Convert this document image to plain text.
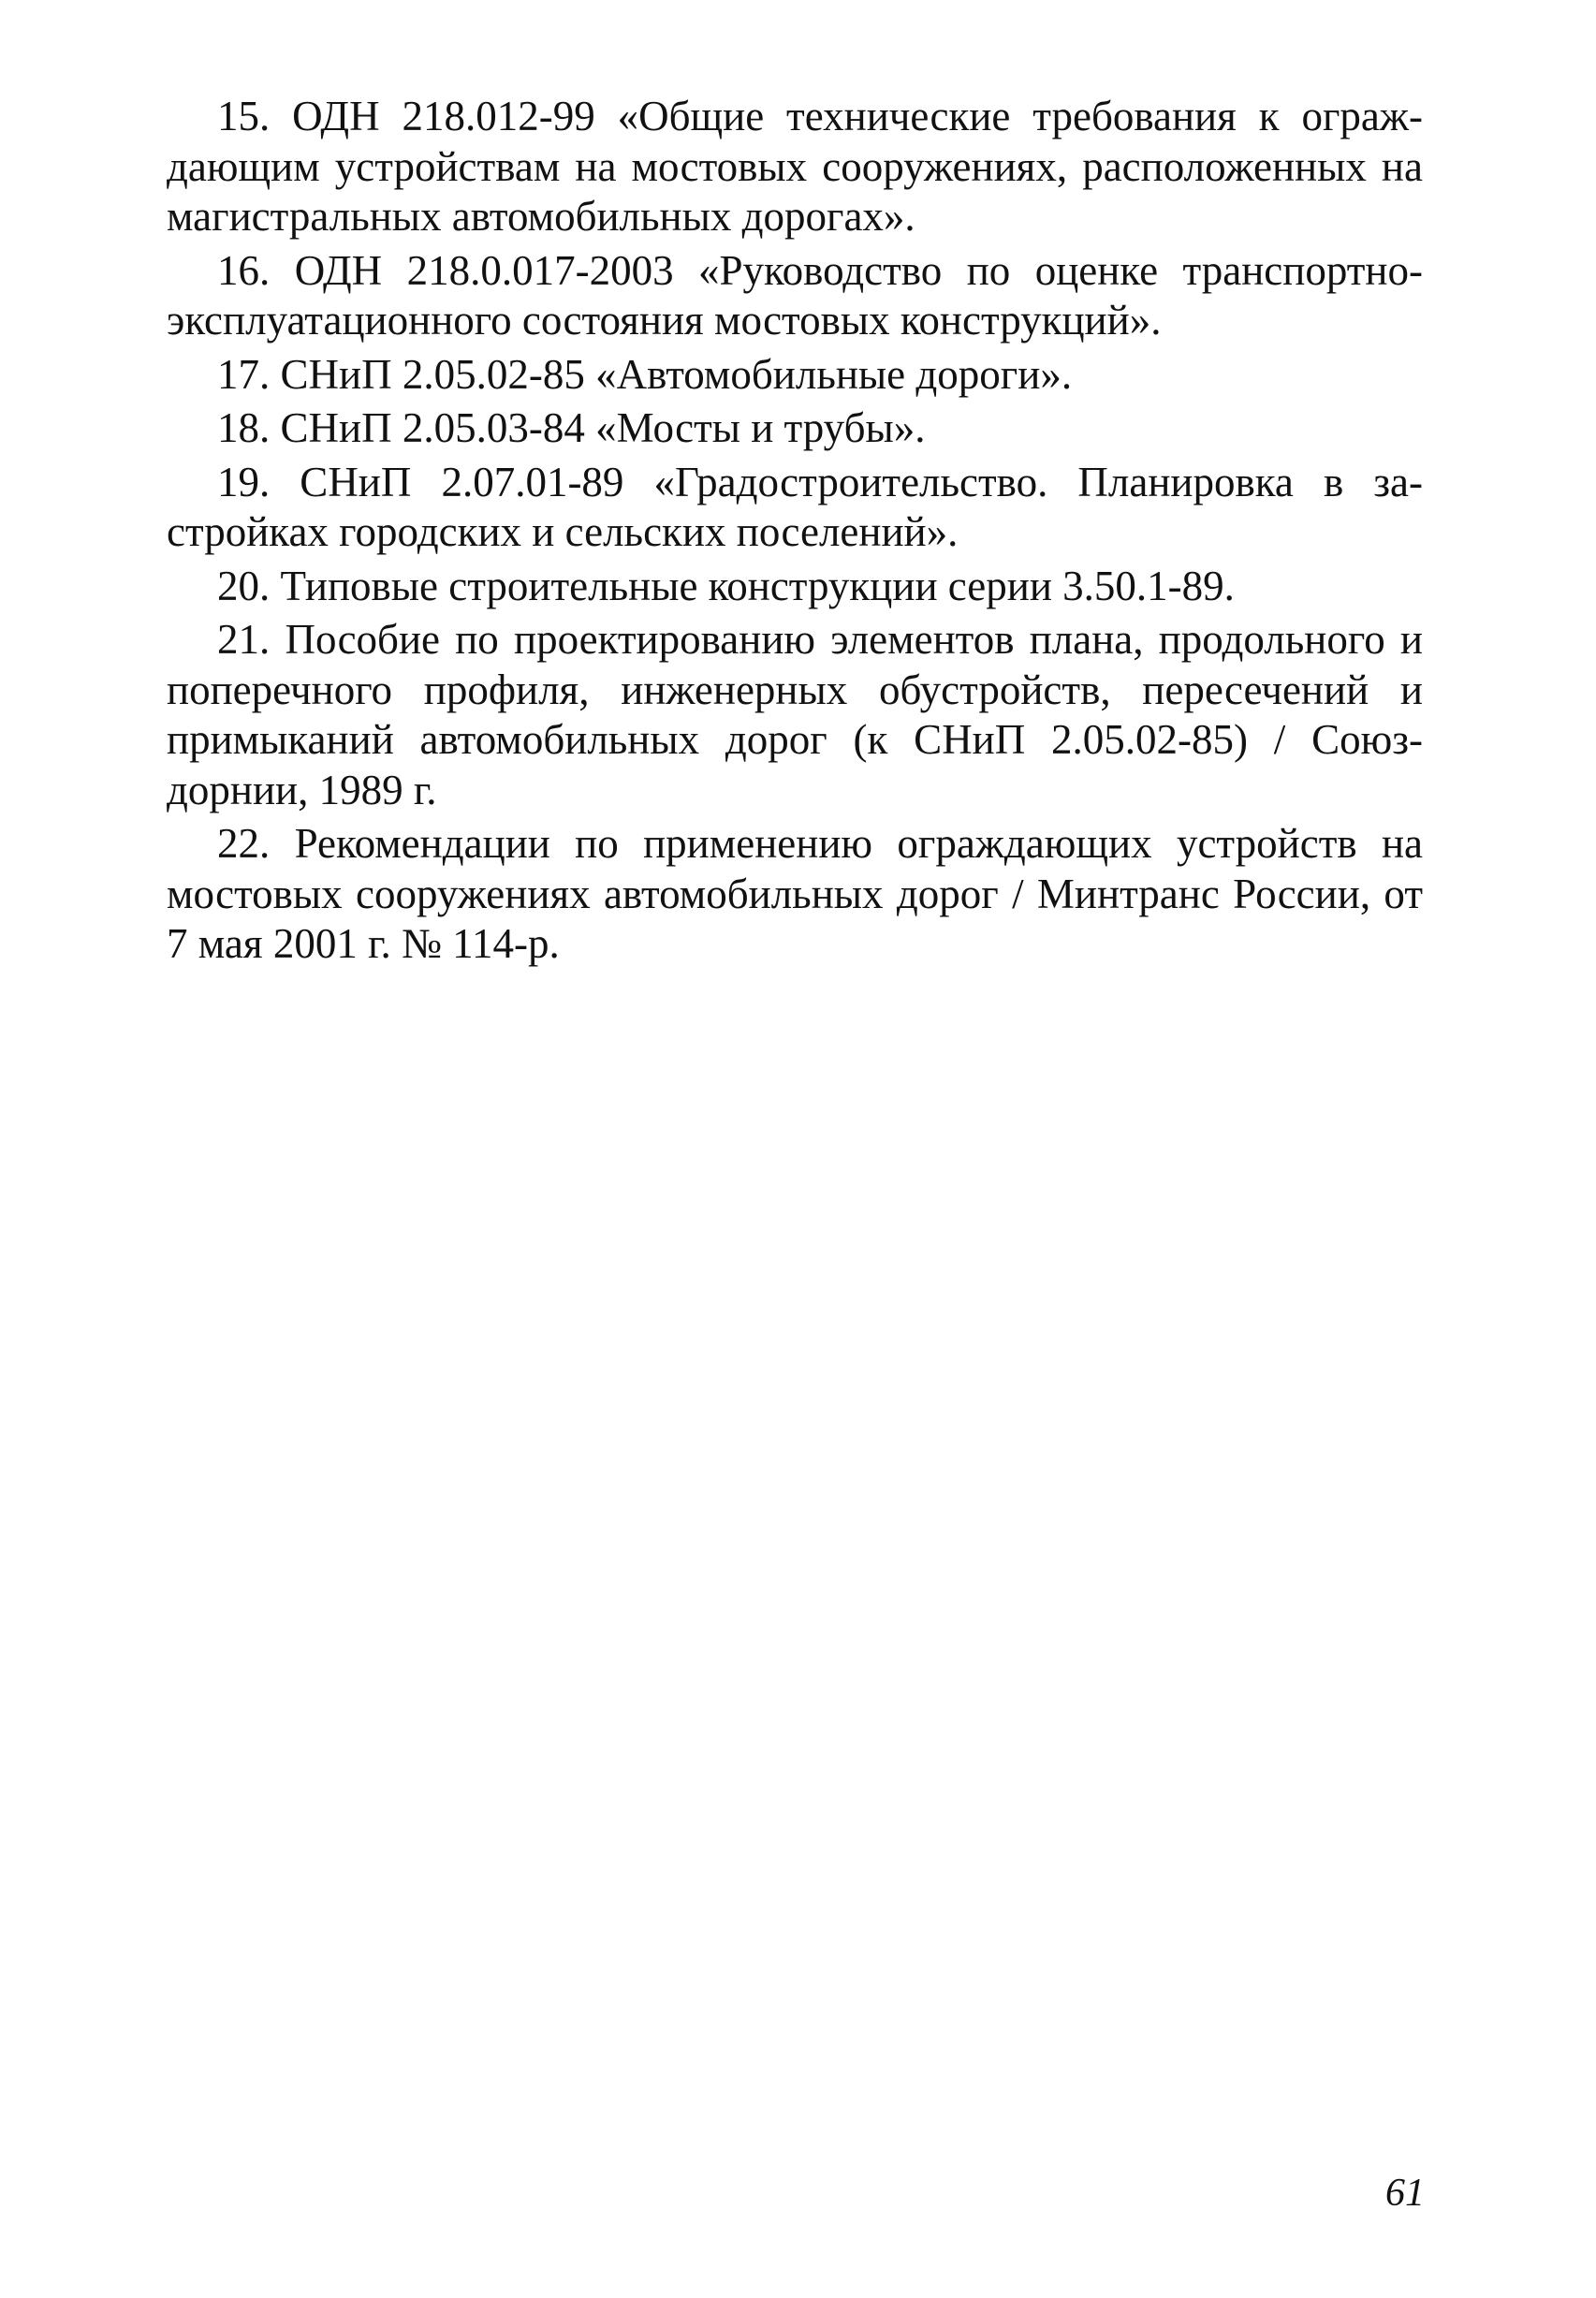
15. ОДН 218.012-99 «Общие технические требования к ограждающим устройствам на мостовых сооружениях, расположенных на магистральных автомобильных дорогах».

16. ОДН 218.0.017-2003 «Руководство по оценке транспортно-эксплуатационного состояния мостовых конструкций».

17. СНиП 2.05.02-85 «Автомобильные дороги».

18. СНиП 2.05.03-84 «Мосты и трубы».

19. СНиП 2.07.01-89 «Градостроительство. Планировка в застройках городских и сельских поселений».

20. Типовые строительные конструкции серии 3.50.1-89.

21. Пособие по проектированию элементов плана, продольного и поперечного профиля, инженерных обустройств, пересечений и примыканий автомобильных дорог (к СНиП 2.05.02-85) / Союздорнии, 1989 г.

22. Рекомендации по применению ограждающих устройств на мостовых сооружениях автомобильных дорог / Минтранс России, от 7 мая 2001 г. № 114-р.

61
